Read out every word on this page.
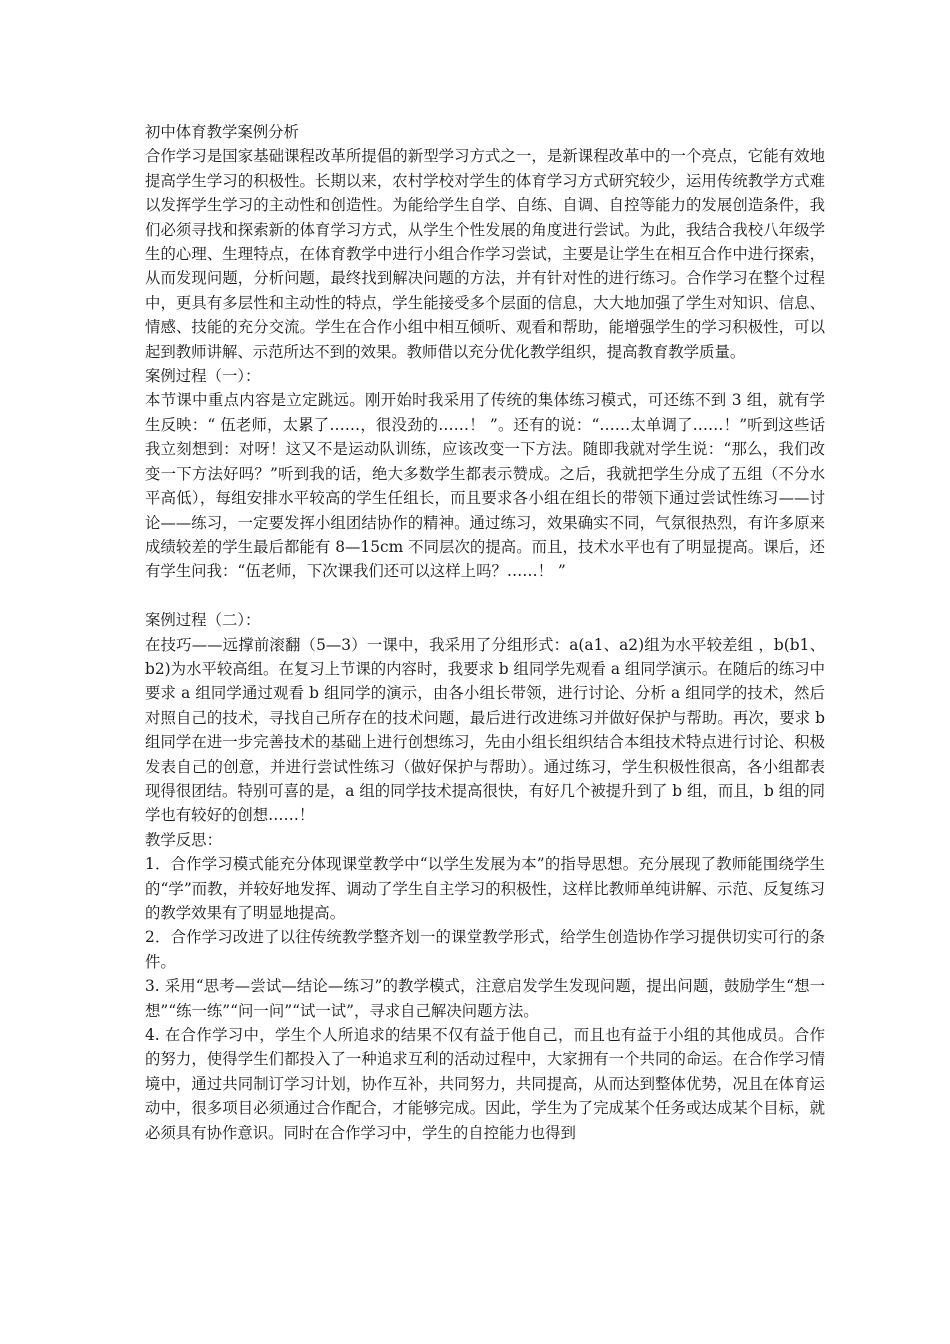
初中体育教学案例分析

合作学习是国家基础课程改革所提倡的新型学习方式之一，是新课程改革中的一个亮点，它能有效地提高学生学习的积极性。长期以来，农村学校对学生的体育学习方式研究较少，运用传统教学方式难以发挥学生学习的主动性和创造性。为能给学生自学、自练、自调、自控等能力的发展创造条件，我们必须寻找和探索新的体育学习方式，从学生个性发展的角度进行尝试。为此，我结合我校八年级学生的心理、生理特点，在体育教学中进行小组合作学习尝试，主要是让学生在相互合作中进行探索，从而发现问题，分析问题，最终找到解决问题的方法，并有针对性的进行练习。合作学习在整个过程中，更具有多层性和主动性的特点，学生能接受多个层面的信息，大大地加强了学生对知识、信息、情感、技能的充分交流。学生在合作小组中相互倾听、观看和帮助，能增强学生的学习积极性，可以起到教师讲解、示范所达不到的效果。教师借以充分优化教学组织，提高教育教学质量。

案例过程（一）：

本节课中重点内容是立定跳远。刚开始时我采用了传统的集体练习模式，可还练不到 3 组，就有学生反映：“ 伍老师，太累了……，很没劲的……！ ”。还有的说：“……太单调了……！”听到这些话我立刻想到：对呀！这又不是运动队训练，应该改变一下方法。随即我就对学生说：“那么，我们改变一下方法好吗？”听到我的话，绝大多数学生都表示赞成。之后，我就把学生分成了五组（不分水平高低），每组安排水平较高的学生任组长，而且要求各小组在组长的带领下通过尝试性练习——讨论——练习，一定要发挥小组团结协作的精神。通过练习，效果确实不同，气氛很热烈，有许多原来成绩较差的学生最后都能有 8—15cm 不同层次的提高。而且，技术水平也有了明显提高。课后，还有学生问我：“伍老师，下次课我们还可以这样上吗？……！ ”

案例过程（二）：

在技巧——远撑前滚翻（5—3）一课中，我采用了分组形式：a(a1、a2)组为水平较差组 ，b(b1、b2)为水平较高组。在复习上节课的内容时，我要求 b 组同学先观看 a 组同学演示。在随后的练习中要求 a 组同学通过观看 b 组同学的演示，由各小组长带领，进行讨论、分析 a 组同学的技术，然后对照自己的技术，寻找自己所存在的技术问题，最后进行改进练习并做好保护与帮助。再次，要求 b 组同学在进一步完善技术的基础上进行创想练习，先由小组长组织结合本组技术特点进行讨论、积极发表自己的创意，并进行尝试性练习（做好保护与帮助）。通过练习，学生积极性很高，各小组都表现得很团结。特别可喜的是，a 组的同学技术提高很快，有好几个被提升到了 b 组，而且，b 组的同学也有较好的创想……！

教学反思：

1．合作学习模式能充分体现课堂教学中“以学生发展为本”的指导思想。充分展现了教师能围绕学生的“学”而教，并较好地发挥、调动了学生自主学习的积极性，这样比教师单纯讲解、示范、反复练习的教学效果有了明显地提高。

2．合作学习改进了以往传统教学整齐划一的课堂教学形式，给学生创造协作学习提供切实可行的条件。

3. 采用“思考—尝试—结论—练习”的教学模式，注意启发学生发现问题，提出问题，鼓励学生“想一想”“练一练”“问一问”“试一试”，寻求自己解决问题方法。

4. 在合作学习中，学生个人所追求的结果不仅有益于他自己，而且也有益于小组的其他成员。合作的努力，使得学生们都投入了一种追求互利的活动过程中，大家拥有一个共同的命运。在合作学习情境中，通过共同制订学习计划，协作互补，共同努力，共同提高，从而达到整体优势，况且在体育运动中，很多项目必须通过合作配合，才能够完成。因此，学生为了完成某个任务或达成某个目标，就必须具有协作意识。同时在合作学习中，学生的自控能力也得到
